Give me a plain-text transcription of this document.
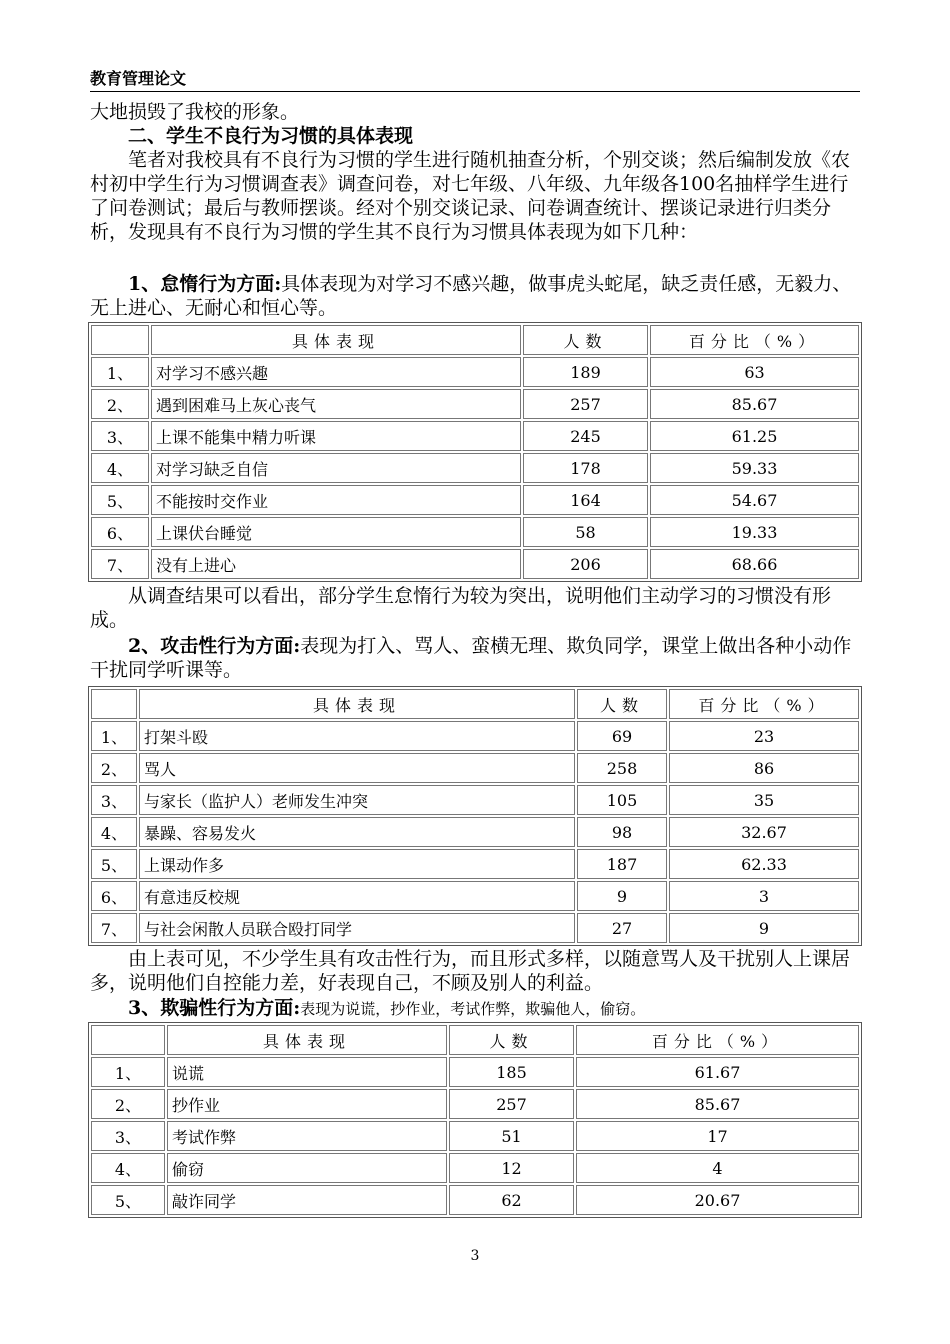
教育管理论文
大地损毁了我校的形象。
二、学生不良行为习惯的具体表现
笔者对我校具有不良行为习惯的学生进行随机抽查分析，个别交谈；然后编制发放《农村初中学生行为习惯调查表》调查问卷，对七年级、八年级、九年级各100名抽样学生进行了问卷测试；最后与教师摆谈。经对个别交谈记录、问卷调查统计、摆谈记录进行归类分析，发现具有不良行为习惯的学生其不良行为习惯具体表现为如下几种：
1、怠惰行为方面:具体表现为对学习不感兴趣，做事虎头蛇尾，缺乏责任感，无毅力、无上进心、无耐心和恒心等。
	具体表现	人数	百分比（%）
1、	对学习不感兴趣	189	63
2、	遇到困难马上灰心丧气	257	85.67
3、	上课不能集中精力听课	245	61.25
4、	对学习缺乏自信	178	59.33
5、	不能按时交作业	164	54.67
6、	上课伏台睡觉	58	19.33
7、	没有上进心	206	68.66
从调查结果可以看出，部分学生怠惰行为较为突出，说明他们主动学习的习惯没有形成。
2、攻击性行为方面:表现为打入、骂人、蛮横无理、欺负同学，课堂上做出各种小动作干扰同学听课等。
	具体表现	人数	百分比（%）
1、	打架斗殴	69	23
2、	骂人	258	86
3、	与家长（监护人）老师发生冲突	105	35
4、	暴躁、容易发火	98	32.67
5、	上课动作多	187	62.33
6、	有意违反校规	9	3
7、	与社会闲散人员联合殴打同学	27	9
由上表可见，不少学生具有攻击性行为，而且形式多样，以随意骂人及干扰别人上课居多，说明他们自控能力差，好表现自己，不顾及别人的利益。
3、欺骗性行为方面:表现为说谎，抄作业，考试作弊，欺骗他人，偷窃。
	具体表现	人数	百分比（%）
1、	说谎	185	61.67
2、	抄作业	257	85.67
3、	考试作弊	51	17
4、	偷窃	12	4
5、	敲诈同学	62	20.67
3
